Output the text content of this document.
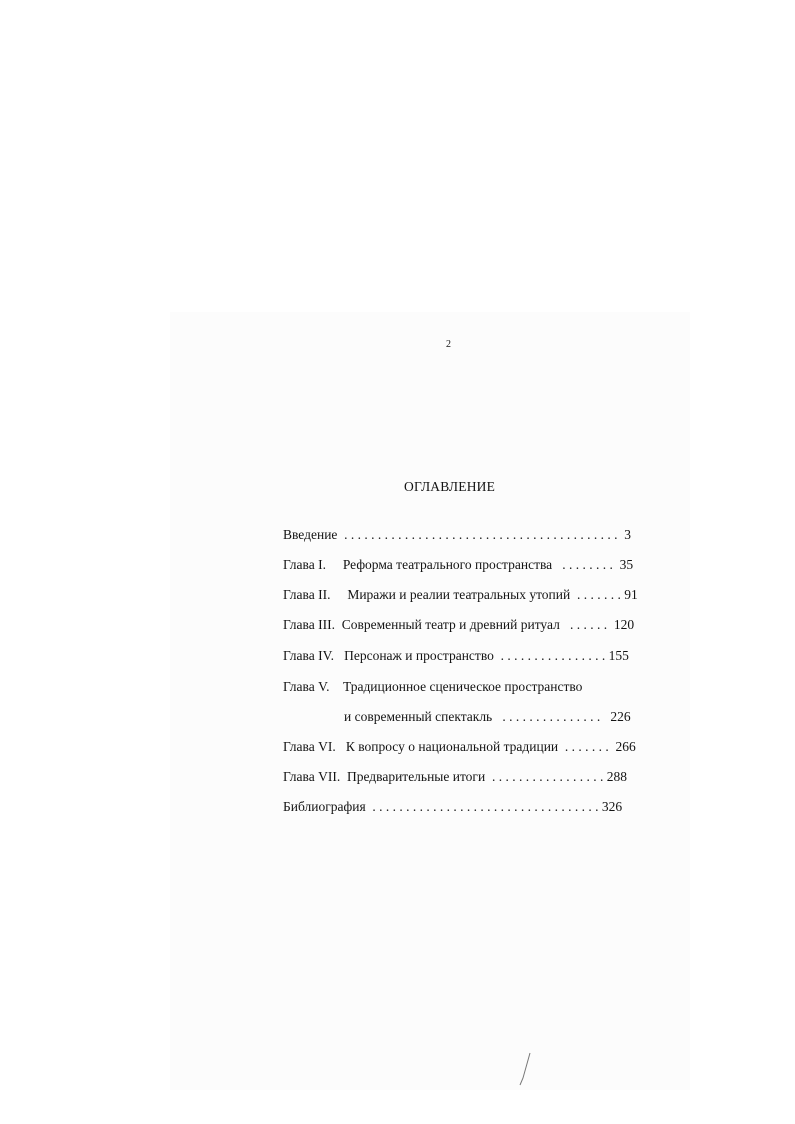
2
ОГЛАВЛЕНИЕ
Введение  . . . . . . . . . . . . . . . . . . . . . . . . . . . . . . . . . . . . . . . . .  3
Глава I.     Реформа театрального пространства   . . . . . . . .  35
Глава II.     Миражи и реалии театральных утопий  . . . . . . . 91
Глава III.  Современный театр и древний ритуал   . . . . . .  120
Глава IV.   Персонаж и пространство  . . . . . . . . . . . . . . . . 155
Глава V.    Традиционное сценическое пространство
и современный спектакль   . . . . . . . . . . . . . . .   226
Глава VI.   К вопросу о национальной традиции  . . . . . . .  266
Глава VII.  Предварительные итоги  . . . . . . . . . . . . . . . . . 288
Библиография  . . . . . . . . . . . . . . . . . . . . . . . . . . . . . . . . . . 326
